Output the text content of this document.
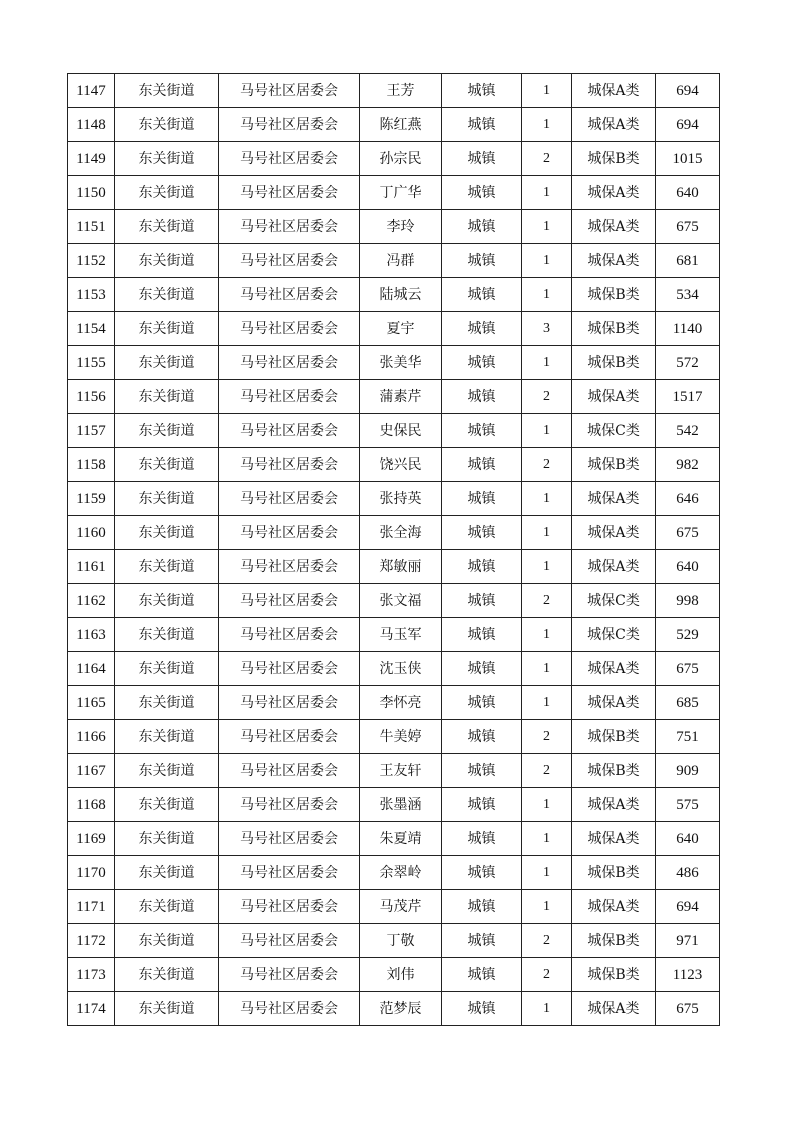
1147	东关街道	马号社区居委会	王芳	城镇	1	城保A类	694
1148	东关街道	马号社区居委会	陈红燕	城镇	1	城保A类	694
1149	东关街道	马号社区居委会	孙宗民	城镇	2	城保B类	1015
1150	东关街道	马号社区居委会	丁广华	城镇	1	城保A类	640
1151	东关街道	马号社区居委会	李玲	城镇	1	城保A类	675
1152	东关街道	马号社区居委会	冯群	城镇	1	城保A类	681
1153	东关街道	马号社区居委会	陆城云	城镇	1	城保B类	534
1154	东关街道	马号社区居委会	夏宇	城镇	3	城保B类	1140
1155	东关街道	马号社区居委会	张美华	城镇	1	城保B类	572
1156	东关街道	马号社区居委会	蒲素芹	城镇	2	城保A类	1517
1157	东关街道	马号社区居委会	史保民	城镇	1	城保C类	542
1158	东关街道	马号社区居委会	饶兴民	城镇	2	城保B类	982
1159	东关街道	马号社区居委会	张持英	城镇	1	城保A类	646
1160	东关街道	马号社区居委会	张全海	城镇	1	城保A类	675
1161	东关街道	马号社区居委会	郑敏丽	城镇	1	城保A类	640
1162	东关街道	马号社区居委会	张文福	城镇	2	城保C类	998
1163	东关街道	马号社区居委会	马玉军	城镇	1	城保C类	529
1164	东关街道	马号社区居委会	沈玉侠	城镇	1	城保A类	675
1165	东关街道	马号社区居委会	李怀亮	城镇	1	城保A类	685
1166	东关街道	马号社区居委会	牛美婷	城镇	2	城保B类	751
1167	东关街道	马号社区居委会	王友轩	城镇	2	城保B类	909
1168	东关街道	马号社区居委会	张墨涵	城镇	1	城保A类	575
1169	东关街道	马号社区居委会	朱夏靖	城镇	1	城保A类	640
1170	东关街道	马号社区居委会	余翠岭	城镇	1	城保B类	486
1171	东关街道	马号社区居委会	马茂芹	城镇	1	城保A类	694
1172	东关街道	马号社区居委会	丁敬	城镇	2	城保B类	971
1173	东关街道	马号社区居委会	刘伟	城镇	2	城保B类	1123
1174	东关街道	马号社区居委会	范梦辰	城镇	1	城保A类	675
